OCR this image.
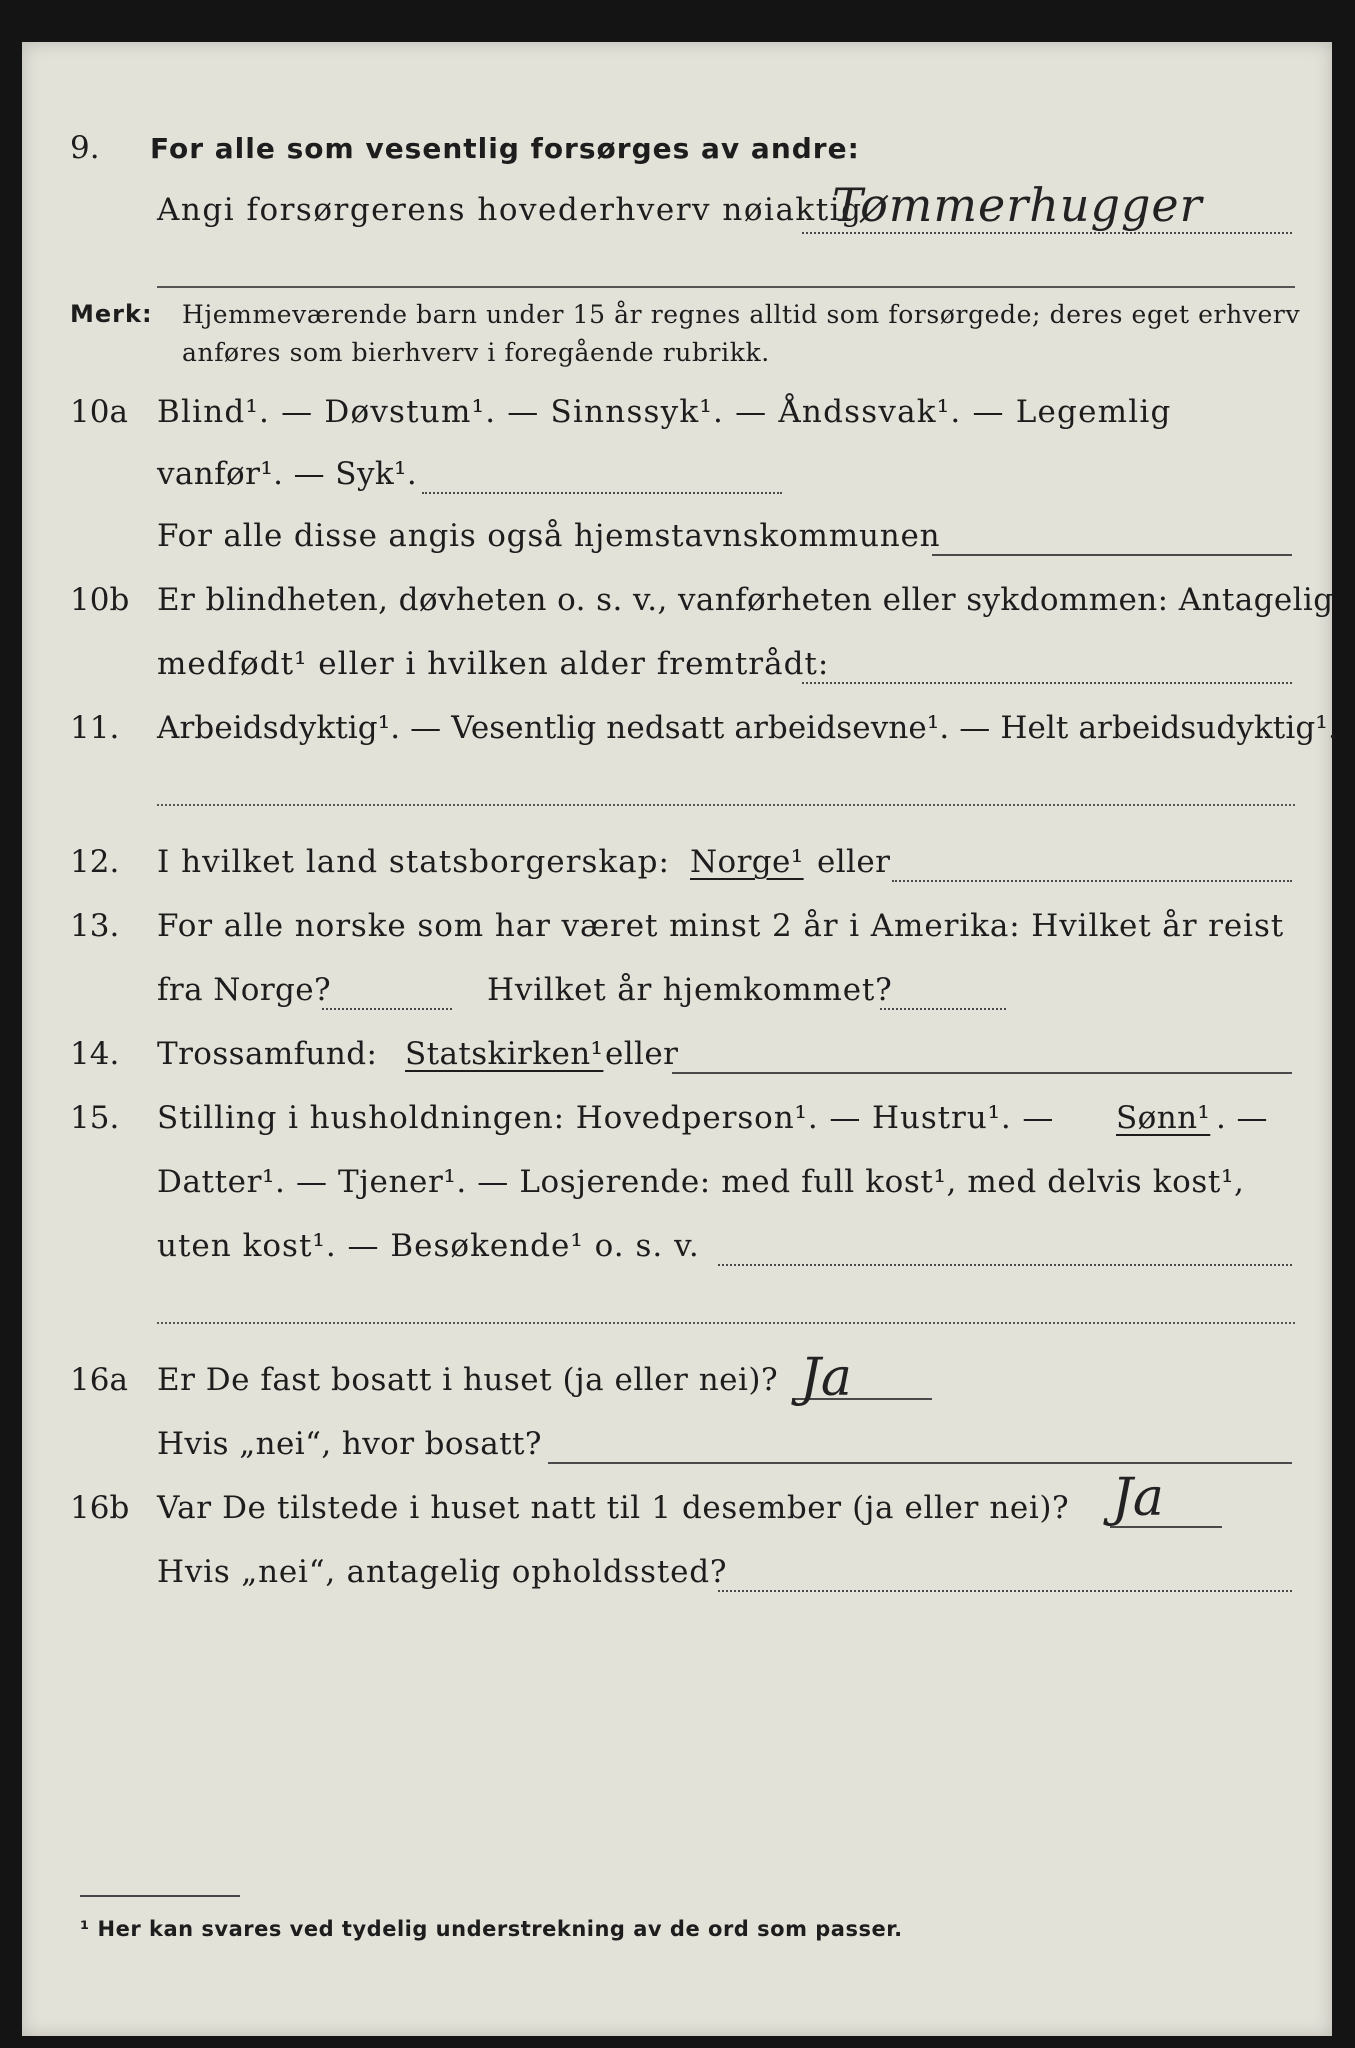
9. For alle som vesentlig forsørges av andre:
Angi forsørgerens hovederhverv nøiaktig
Tømmerhugger
Merk: Hjemmeværende barn under 15 år regnes alltid som forsørgede; deres eget erhverv
anføres som bierhverv i foregående rubrikk.
10a Blind¹. — Døvstum¹. — Sinnssyk¹. — Åndssvak¹. — Legemlig
vanfør¹. — Syk¹.
For alle disse angis også hjemstavnskommunen
10b Er blindheten, døvheten o. s. v., vanførheten eller sykdommen: Antagelig
medfødt¹ eller i hvilken alder fremtrådt:
11. Arbeidsdyktig¹. — Vesentlig nedsatt arbeidsevne¹. — Helt arbeidsudyktig¹.
12. I hvilket land statsborgerskap: Norge¹ eller
13. For alle norske som har været minst 2 år i Amerika: Hvilket år reist
fra Norge?	Hvilket år hjemkommet?
14. Trossamfund: Statskirken¹ eller
15. Stilling i husholdningen: Hovedperson¹. — Hustru¹. — Sønn¹ . —
Datter¹. — Tjener¹. — Losjerende: med full kost¹, med delvis kost¹,
uten kost¹. — Besøkende¹ o. s. v.
16a Er De fast bosatt i huset (ja eller nei)? Ja
Hvis „nei“, hvor bosatt?
16b Var De tilstede i huset natt til 1 desember (ja eller nei)? Ja
Hvis „nei“, antagelig opholdssted?
¹ Her kan svares ved tydelig understrekning av de ord som passer.
